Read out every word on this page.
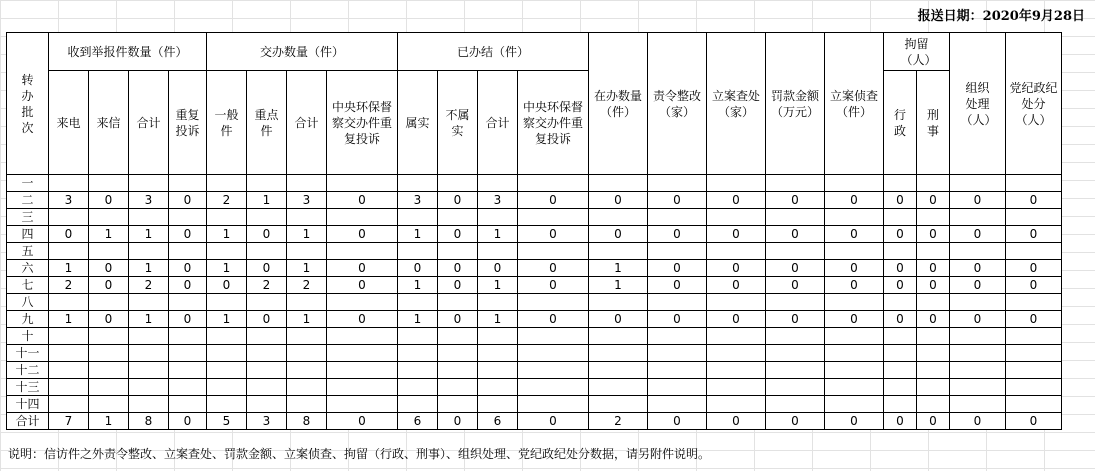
报送日期：2020年9月28日
转办批次	收到举报件数量（件）				交办数量（件）				已办结（件）				在办数量（件）	责令整改（家）	立案查处（家）	罚款金额（万元）	立案侦查（件）	拘留（人）		组织处理（人）	党纪政纪处分（人）
	来电	来信	合计	重复投诉	一般件	重点件	合计	中央环保督察交办件重复投诉	属实	不属实	合计	中央环保督察交办件重复投诉						行政	刑事		
一																					
二	3	0	3	0	2	1	3	0	3	0	3	0	0	0	0	0	0	0	0	0	0
三																					
四	0	1	1	0	1	0	1	0	1	0	1	0	0	0	0	0	0	0	0	0	0
五																					
六	1	0	1	0	1	0	1	0	0	0	0	0	1	0	0	0	0	0	0	0	0
七	2	0	2	0	0	2	2	0	1	0	1	0	1	0	0	0	0	0	0	0	0
八																					
九	1	0	1	0	1	0	1	0	1	0	1	0	0	0	0	0	0	0	0	0	0
十																					
十一																					
十二																					
十三																					
十四																					
合计	7	1	8	0	5	3	8	0	6	0	6	0	2	0	0	0	0	0	0	0	0
说明：信访件之外责令整改、立案查处、罚款金额、立案侦查、拘留（行政、刑事）、组织处理、党纪政纪处分数据，请另附件说明。
